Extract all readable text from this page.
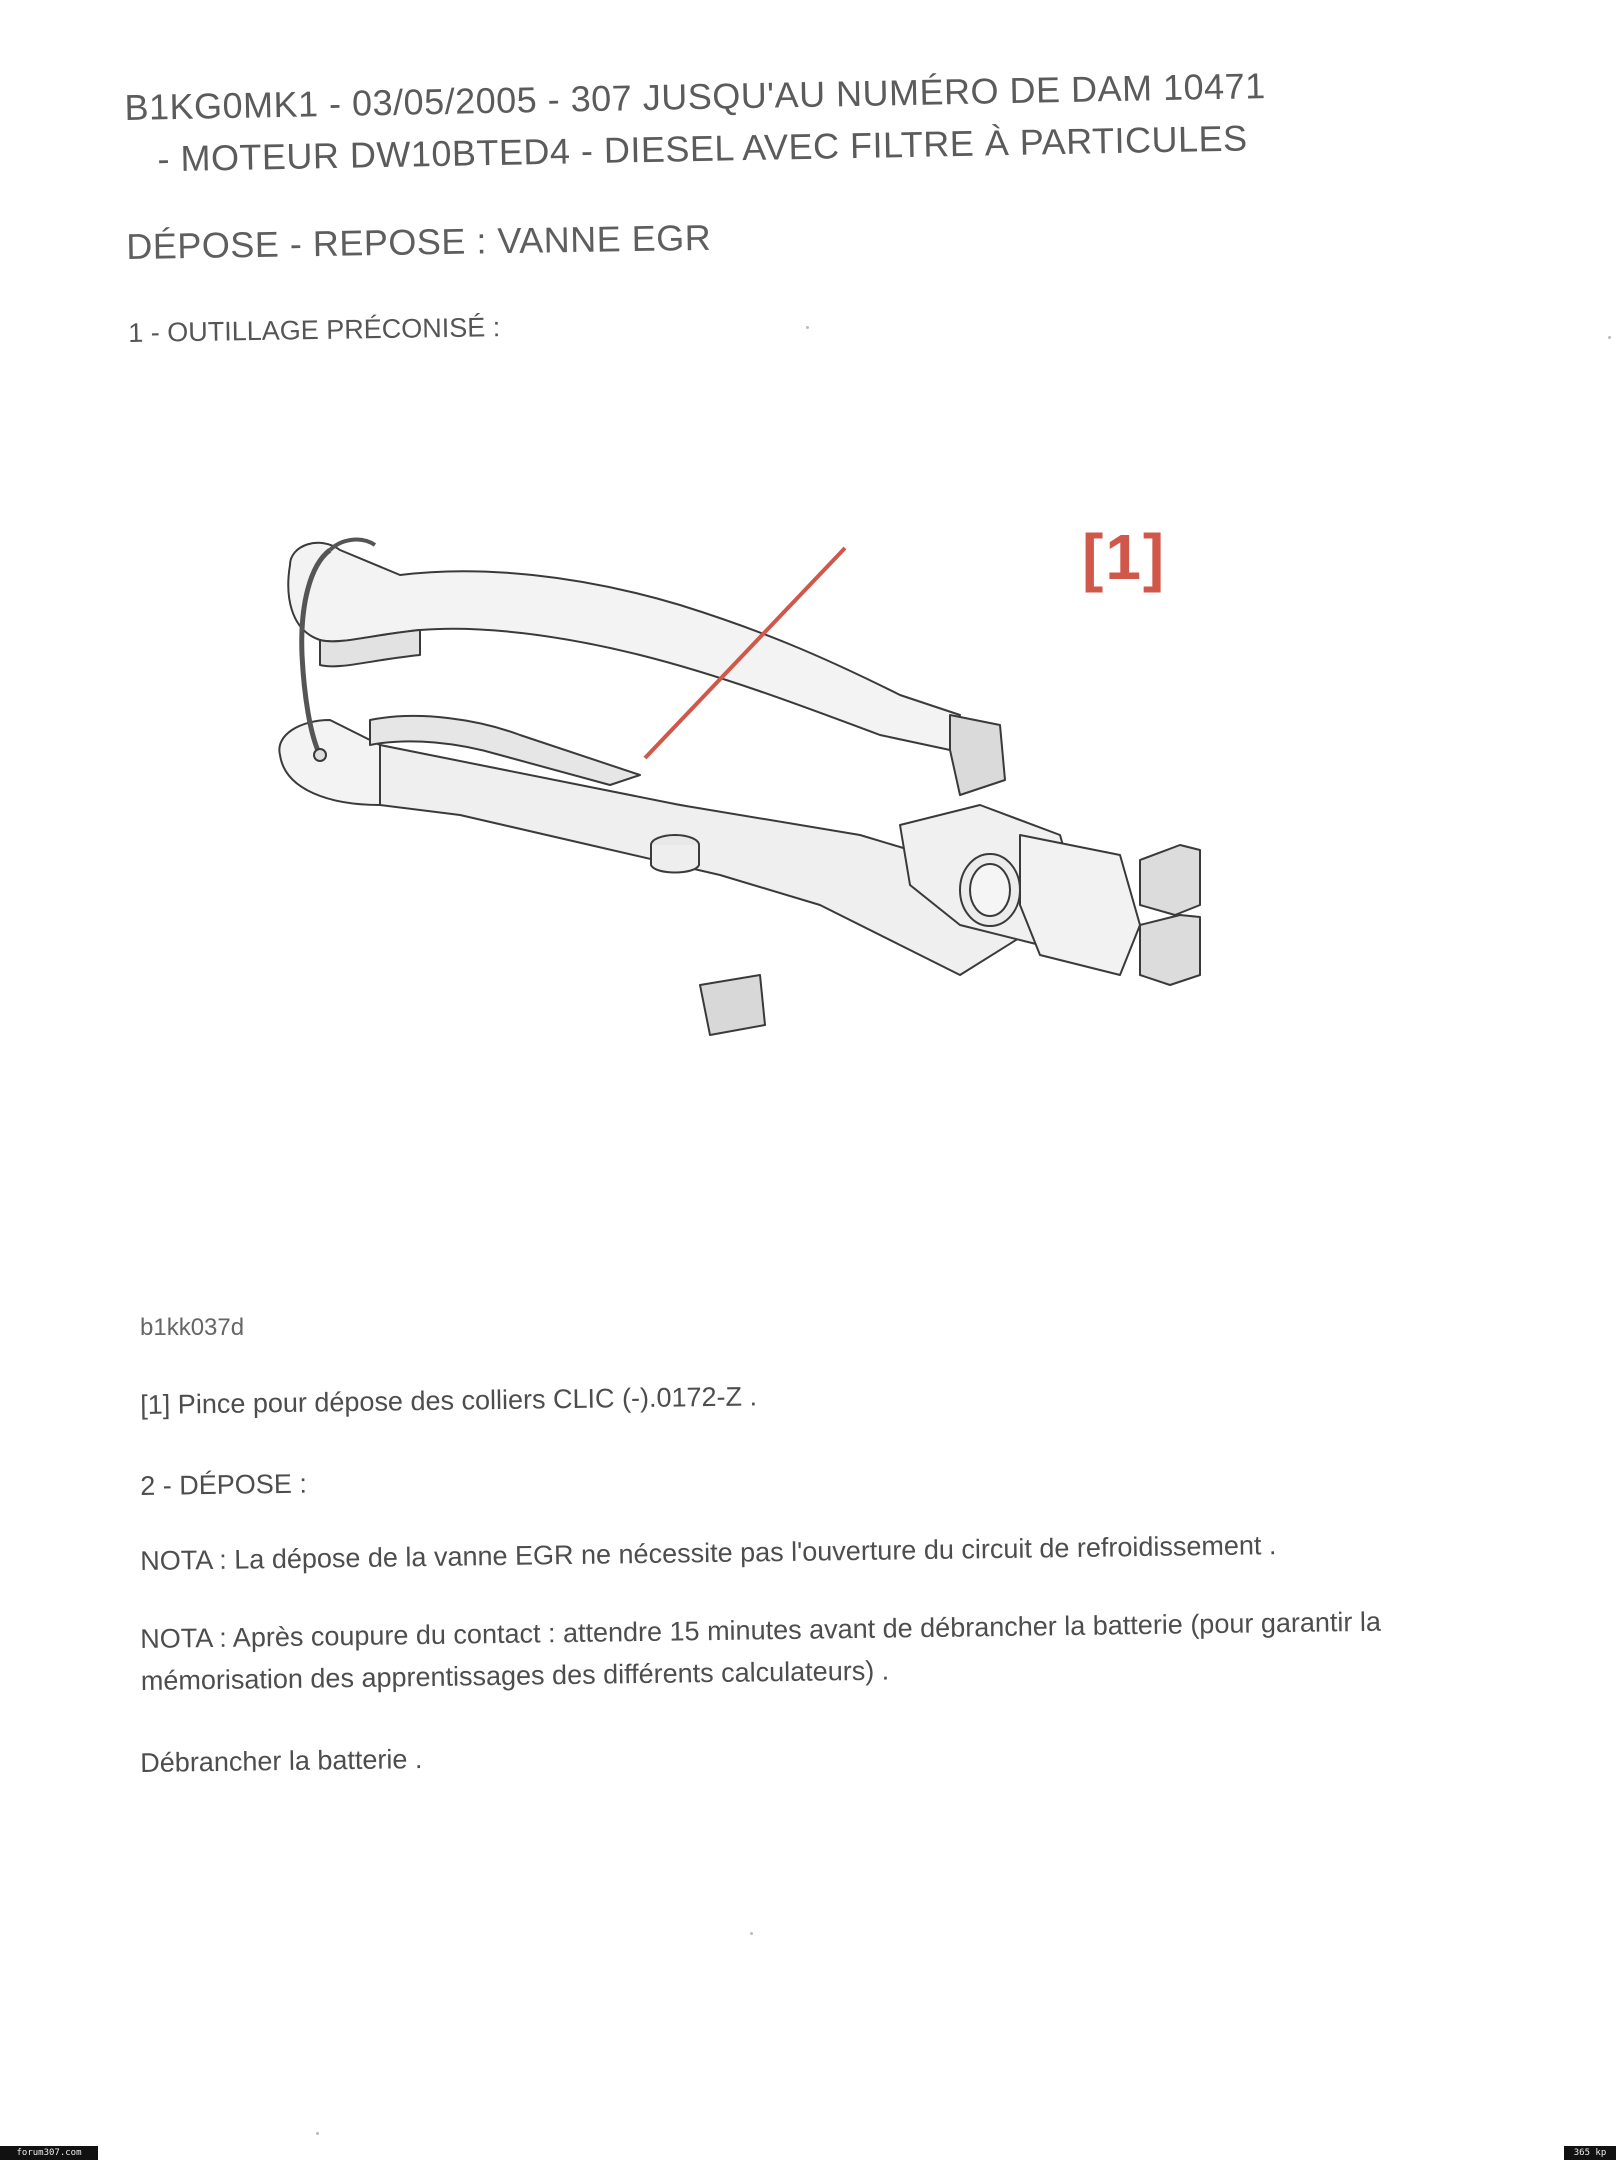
B1KG0MK1 - 03/05/2005 - 307 JUSQU'AU NUMÉRO DE DAM 10471
- MOTEUR DW10BTED4 - DIESEL AVEC FILTRE À PARTICULES
DÉPOSE - REPOSE : VANNE EGR
1 - OUTILLAGE PRÉCONISÉ :
[1]
b1kk037d
[1] Pince pour dépose des colliers CLIC (-).0172-Z .
2 - DÉPOSE :
NOTA : La dépose de la vanne EGR ne nécessite pas l'ouverture du circuit de refroidissement .
NOTA : Après coupure du contact : attendre 15 minutes avant de débrancher la batterie (pour garantir la mémorisation des apprentissages des différents calculateurs) .
Débrancher la batterie .
forum307.com	365 kp
